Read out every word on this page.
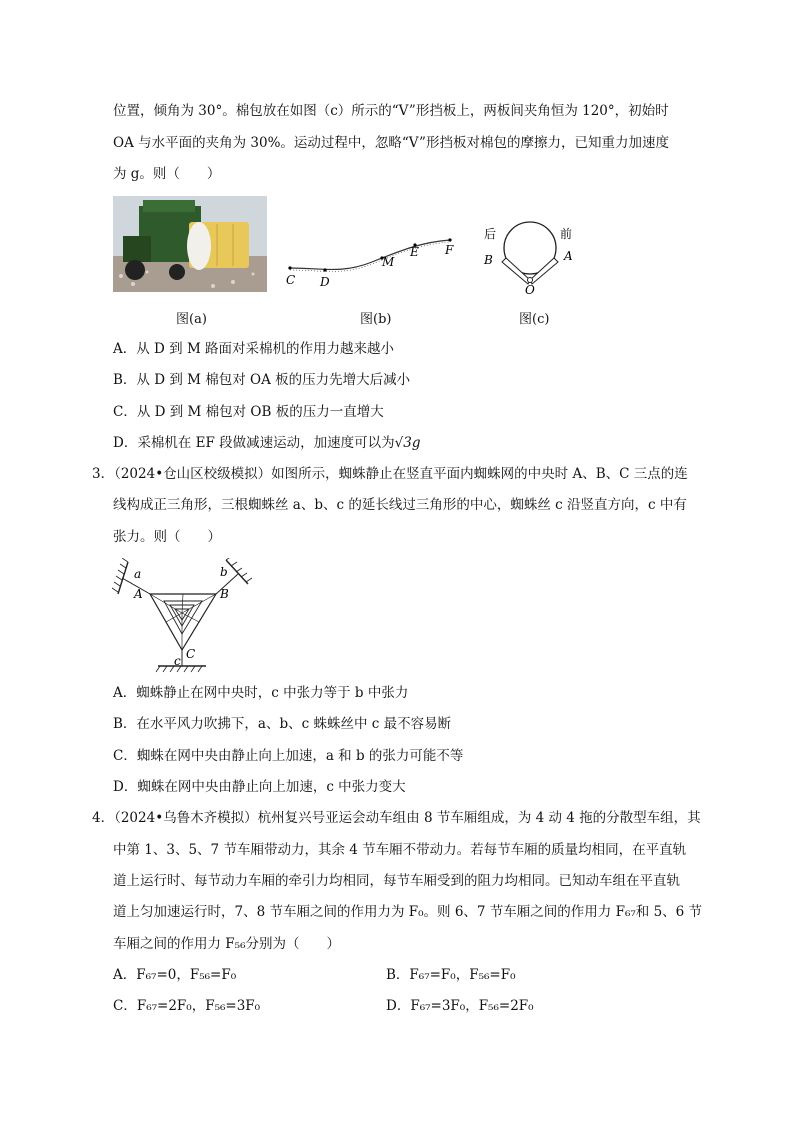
位置，倾角为 30°。棉包放在如图（c）所示的“V”形挡板上，两板间夹角恒为 120°，初始时
OA 与水平面的夹角为 30%。运动过程中，忽略“V”形挡板对棉包的摩擦力，已知重力加速度
为 g。则（　　）
C D
M
E F
后	前
B	A
O
图(a)	图(b)	图(c)
A．从 D 到 M 路面对采棉机的作用力越来越小
B．从 D 到 M 棉包对 OA 板的压力先增大后减小
C．从 D 到 M 棉包对 OB 板的压力一直增大
D．采棉机在 EF 段做减速运动，加速度可以为√3g
3．（2024•仓山区校级模拟）如图所示，蜘蛛静止在竖直平面内蜘蛛网的中央时 A、B、C 三点的连
线构成正三角形，三根蜘蛛丝 a、b、c 的延长线过三角形的中心，蜘蛛丝 c 沿竖直方向，c 中有
张力。则（　　）
a
A
b
B
C
c
A．蜘蛛静止在网中央时，c 中张力等于 b 中张力
B．在水平风力吹拂下，a、b、c 蛛蛛丝中 c 最不容易断
C．蜘蛛在网中央由静止向上加速，a 和 b 的张力可能不等
D．蜘蛛在网中央由静止向上加速，c 中张力变大
4．（2024•乌鲁木齐模拟）杭州复兴号亚运会动车组由 8 节车厢组成，为 4 动 4 拖的分散型车组，其
中第 1、3、5、7 节车厢带动力，其余 4 节车厢不带动力。若每节车厢的质量均相同，在平直轨
道上运行时、每节动力车厢的牵引力均相同，每节车厢受到的阻力均相同。已知动车组在平直轨
道上匀加速运行时，7、8 节车厢之间的作用力为 F₀。则 6、7 节车厢之间的作用力 F₆₇和 5、6 节
车厢之间的作用力 F₅₆分别为（　　）
A．F₆₇=0，F₅₆=F₀	B．F₆₇=F₀，F₅₆=F₀
C．F₆₇=2F₀，F₅₆=3F₀	D．F₆₇=3F₀，F₅₆=2F₀
